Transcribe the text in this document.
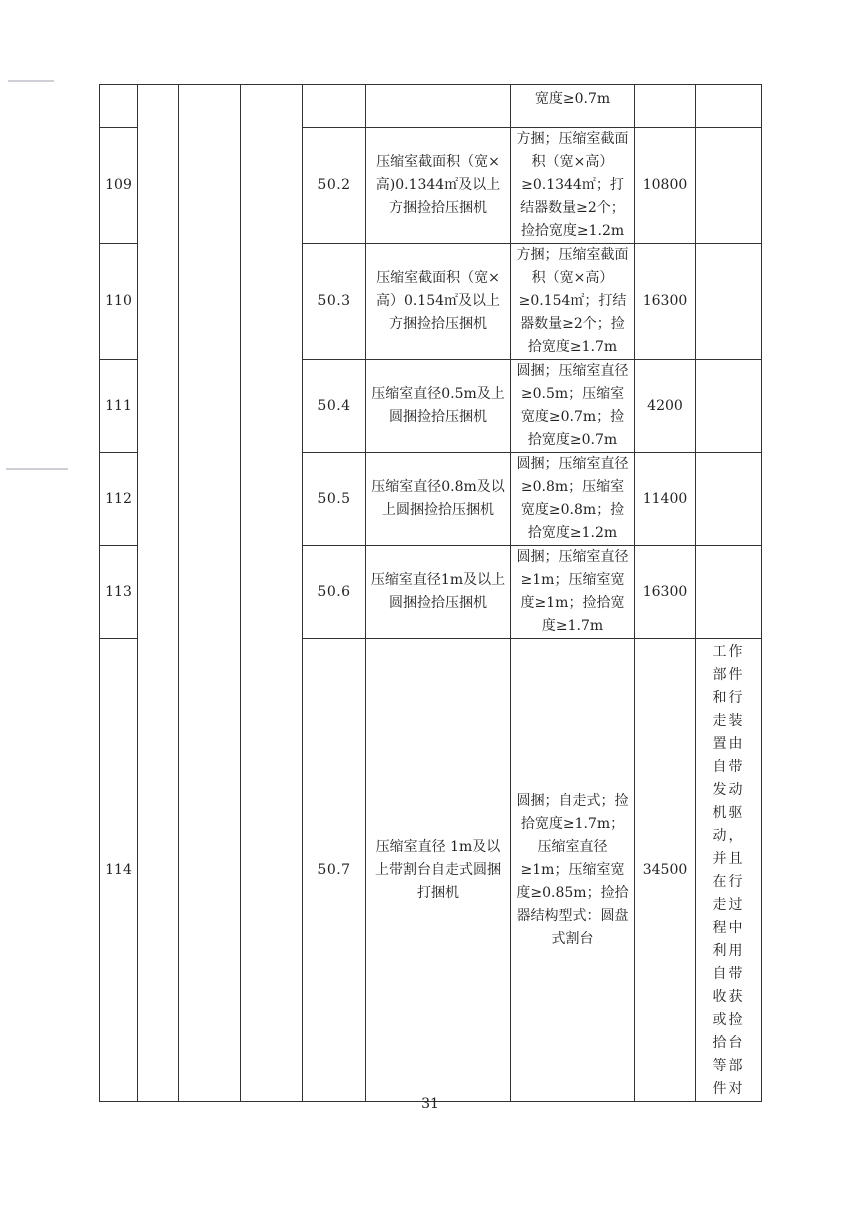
						宽度≥0.7m		
109				50.2	压缩室截面积（宽×高)0.1344㎡及以上方捆捡拾压捆机	方捆；压缩室截面积（宽×高）≥0.1344㎡；打结器数量≥2个；捡拾宽度≥1.2m	10800	
110				50.3	压缩室截面积（宽×高）0.154㎡及以上方捆捡拾压捆机	方捆；压缩室截面积（宽×高）≥0.154㎡；打结器数量≥2个；捡拾宽度≥1.7m	16300	
111				50.4	压缩室直径0.5m及上圆捆捡拾压捆机	圆捆；压缩室直径≥0.5m；压缩室宽度≥0.7m；捡拾宽度≥0.7m	4200	
112				50.5	压缩室直径0.8m及以上圆捆捡拾压捆机	圆捆；压缩室直径≥0.8m；压缩室宽度≥0.8m；捡拾宽度≥1.2m	11400	
113				50.6	压缩室直径1m及以上圆捆捡拾压捆机	圆捆；压缩室直径≥1m；压缩室宽度≥1m；捡拾宽度≥1.7m	16300	
114				50.7	压缩室直径 1m及以上带割台自走式圆捆打捆机	圆捆；自走式；捡拾宽度≥1.7m；压缩室直径≥1m；压缩室宽度≥0.85m；捡拾器结构型式：圆盘式割台	34500	工作部件和行走装置由自带发动机驱动，并且在行走过程中利用自带收获或捡拾台等部件对
31
